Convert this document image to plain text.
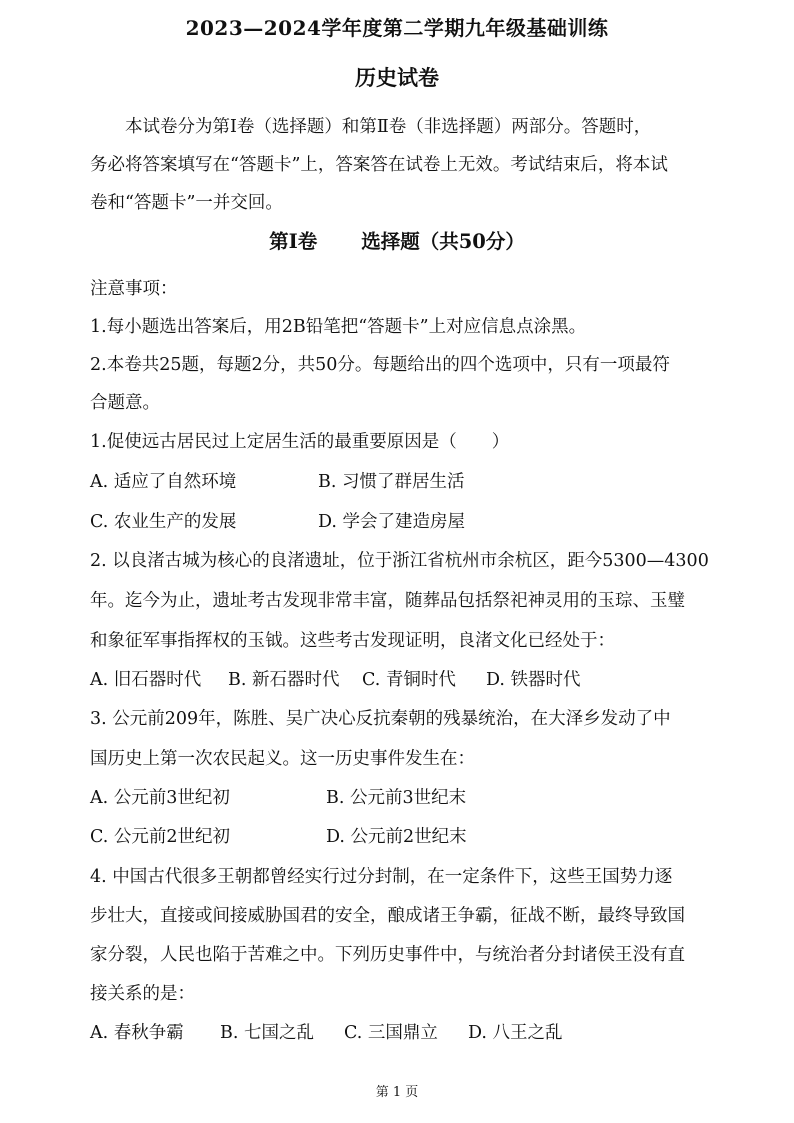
2023—2024学年度第二学期九年级基础训练
历史试卷
本试卷分为第Ⅰ卷（选择题）和第Ⅱ卷（非选择题）两部分。答题时，
务必将答案填写在“答题卡”上，答案答在试卷上无效。考试结束后，将本试
卷和“答题卡”一并交回。
第Ⅰ卷 选择题（共50分）
注意事项：
1.每小题选出答案后，用2B铅笔把“答题卡”上对应信息点涂黑。
2.本卷共25题，每题2分，共50分。每题给出的四个选项中，只有一项最符
合题意。
1.促使远古居民过上定居生活的最重要原因是（　　）
A. 适应了自然环境	B. 习惯了群居生活
C. 农业生产的发展	D. 学会了建造房屋
2. 以良渚古城为核心的良渚遗址，位于浙江省杭州市余杭区，距今5300—4300
年。迄今为止，遗址考古发现非常丰富，随葬品包括祭祀神灵用的玉琮、玉璧
和象征军事指挥权的玉钺。这些考古发现证明，良渚文化已经处于：
A. 旧石器时代 B. 新石器时代 C. 青铜时代 D. 铁器时代
3. 公元前209年，陈胜、吴广决心反抗秦朝的残暴统治，在大泽乡发动了中
国历史上第一次农民起义。这一历史事件发生在：
A. 公元前3世纪初	B. 公元前3世纪末
C. 公元前2世纪初	D. 公元前2世纪末
4. 中国古代很多王朝都曾经实行过分封制，在一定条件下，这些王国势力逐
步壮大，直接或间接威胁国君的安全，酿成诸王争霸，征战不断，最终导致国
家分裂，人民也陷于苦难之中。下列历史事件中，与统治者分封诸侯王没有直
接关系的是：
A. 春秋争霸 B. 七国之乱 C. 三国鼎立 D. 八王之乱
第 1 页
